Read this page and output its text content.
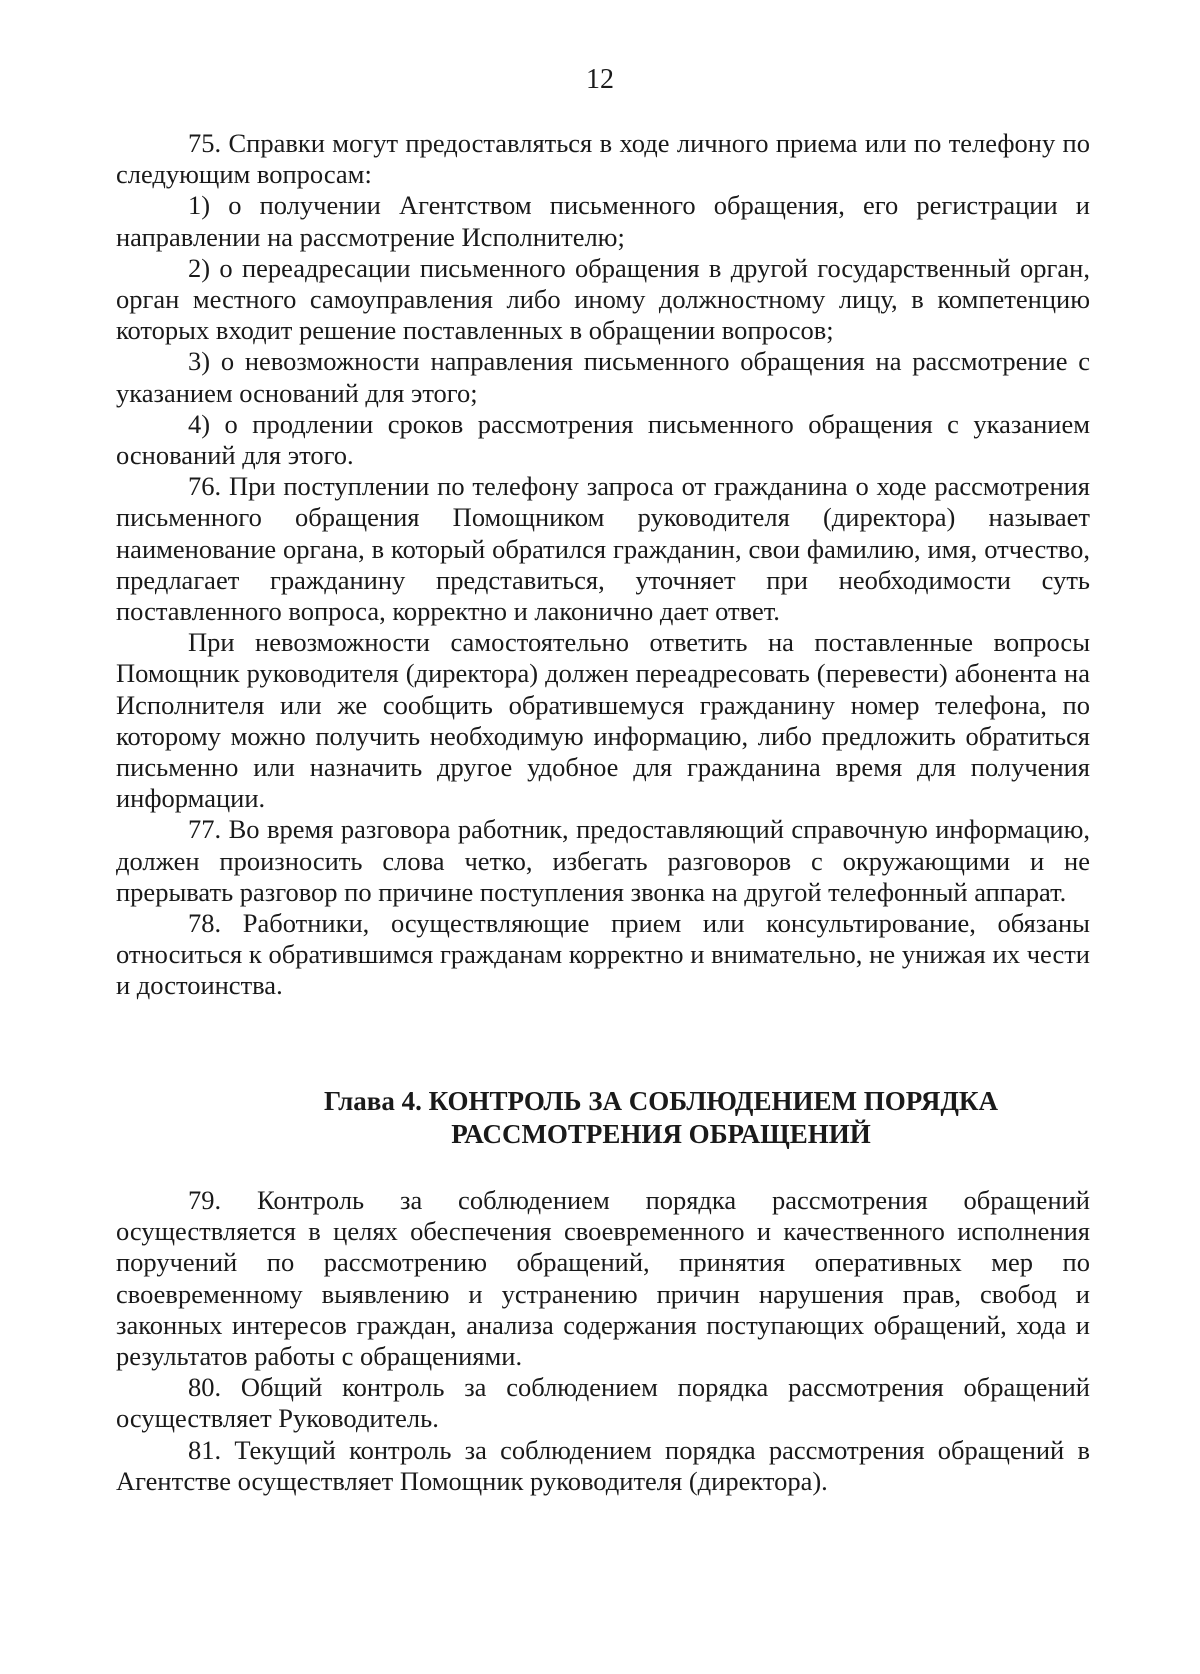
12

75. Справки могут предоставляться в ходе личного приема или по телефону по следующим вопросам:

1) о получении Агентством письменного обращения, его регистрации и направлении на рассмотрение Исполнителю;

2) о переадресации письменного обращения в другой государственный орган, орган местного самоуправления либо иному должностному лицу, в компетенцию которых входит решение поставленных в обращении вопросов;

3) о невозможности направления письменного обращения на рассмотрение с указанием оснований для этого;

4) о продлении сроков рассмотрения письменного обращения с указанием оснований для этого.

76. При поступлении по телефону запроса от гражданина о ходе рассмотрения письменного обращения Помощником руководителя (директора) называет наименование органа, в который обратился гражданин, свои фамилию, имя, отчество, предлагает гражданину представиться, уточняет при необходимости суть поставленного вопроса, корректно и лаконично дает ответ.

При невозможности самостоятельно ответить на поставленные вопросы Помощник руководителя (директора) должен переадресовать (перевести) абонента на Исполнителя или же сообщить обратившемуся гражданину номер телефона, по которому можно получить необходимую информацию, либо предложить обратиться письменно или назначить другое удобное для гражданина время для получения информации.

77. Во время разговора работник, предоставляющий справочную информацию, должен произносить слова четко, избегать разговоров с окружающими и не прерывать разговор по причине поступления звонка на другой телефонный аппарат.

78. Работники, осуществляющие прием или консультирование, обязаны относиться к обратившимся гражданам корректно и внимательно, не унижая их чести и достоинства.

Глава 4. КОНТРОЛЬ ЗА СОБЛЮДЕНИЕМ ПОРЯДКА
РАССМОТРЕНИЯ ОБРАЩЕНИЙ

79. Контроль за соблюдением порядка рассмотрения обращений осуществляется в целях обеспечения своевременного и качественного исполнения поручений по рассмотрению обращений, принятия оперативных мер по своевременному выявлению и устранению причин нарушения прав, свобод и законных интересов граждан, анализа содержания поступающих обращений, хода и результатов работы с обращениями.

80. Общий контроль за соблюдением порядка рассмотрения обращений осуществляет Руководитель.

81. Текущий контроль за соблюдением порядка рассмотрения обращений в Агентстве осуществляет Помощник руководителя (директора).
